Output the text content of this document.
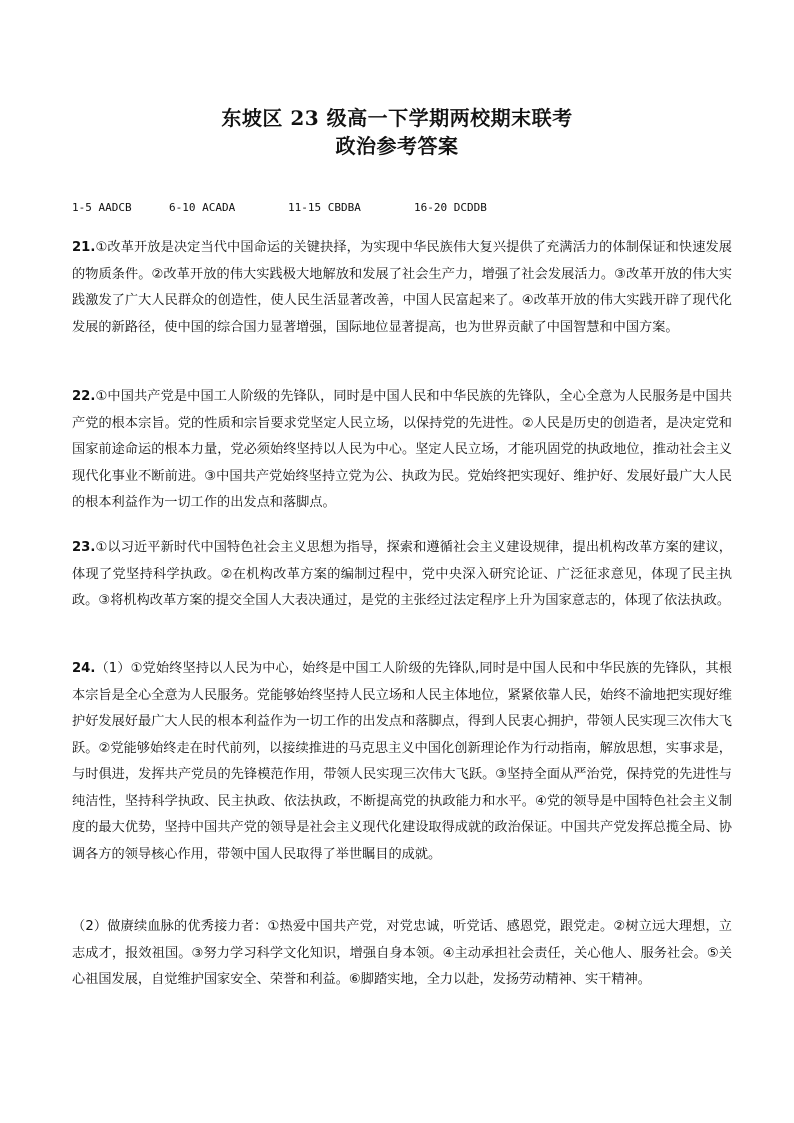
东坡区 23 级高一下学期两校期末联考
政治参考答案
1-5 AADCB	6-10 ACADA	11-15 CBDBA	16-20 DCDDB

21.①改革开放是决定当代中国命运的关键抉择，为实现中华民族伟大复兴提供了充满活力的体制保证和快速发展的物质条件。②改革开放的伟大实践极大地解放和发展了社会生产力，增强了社会发展活力。③改革开放的伟大实践激发了广大人民群众的创造性，使人民生活显著改善，中国人民富起来了。④改革开放的伟大实践开辟了现代化发展的新路径，使中国的综合国力显著增强，国际地位显著提高，也为世界贡献了中国智慧和中国方案。

22.①中国共产党是中国工人阶级的先锋队，同时是中国人民和中华民族的先锋队，全心全意为人民服务是中国共产党的根本宗旨。党的性质和宗旨要求党坚定人民立场，以保持党的先进性。②人民是历史的创造者，是决定党和国家前途命运的根本力量，党必须始终坚持以人民为中心。坚定人民立场，才能巩固党的执政地位，推动社会主义现代化事业不断前进。③中国共产党始终坚持立党为公、执政为民。党始终把实现好、维护好、发展好最广大人民的根本利益作为一切工作的出发点和落脚点。

23.①以习近平新时代中国特色社会主义思想为指导，探索和遵循社会主义建设规律，提出机构改革方案的建议，体现了党坚持科学执政。②在机构改革方案的编制过程中，党中央深入研究论证、广泛征求意见，体现了民主执政。③将机构改革方案的提交全国人大表决通过，是党的主张经过法定程序上升为国家意志的，体现了依法执政。

24.（1）①党始终坚持以人民为中心，始终是中国工人阶级的先锋队,同时是中国人民和中华民族的先锋队，其根本宗旨是全心全意为人民服务。党能够始终坚持人民立场和人民主体地位，紧紧依靠人民，始终不渝地把实现好维护好发展好最广大人民的根本利益作为一切工作的出发点和落脚点，得到人民衷心拥护，带领人民实现三次伟大飞跃。②党能够始终走在时代前列，以接续推进的马克思主义中国化创新理论作为行动指南，解放思想，实事求是，与时俱进，发挥共产党员的先锋模范作用，带领人民实现三次伟大飞跃。③坚持全面从严治党，保持党的先进性与纯洁性，坚持科学执政、民主执政、依法执政，不断提高党的执政能力和水平。④党的领导是中国特色社会主义制度的最大优势，坚持中国共产党的领导是社会主义现代化建设取得成就的政治保证。中国共产党发挥总揽全局、协调各方的领导核心作用，带领中国人民取得了举世瞩目的成就。

（2）做赓续血脉的优秀接力者：①热爱中国共产党，对党忠诚，听党话、感恩党，跟党走。②树立远大理想，立志成才，报效祖国。③努力学习科学文化知识，增强自身本领。④主动承担社会责任，关心他人、服务社会。⑤关心祖国发展，自觉维护国家安全、荣誉和利益。⑥脚踏实地，全力以赴，发扬劳动精神、实干精神。
